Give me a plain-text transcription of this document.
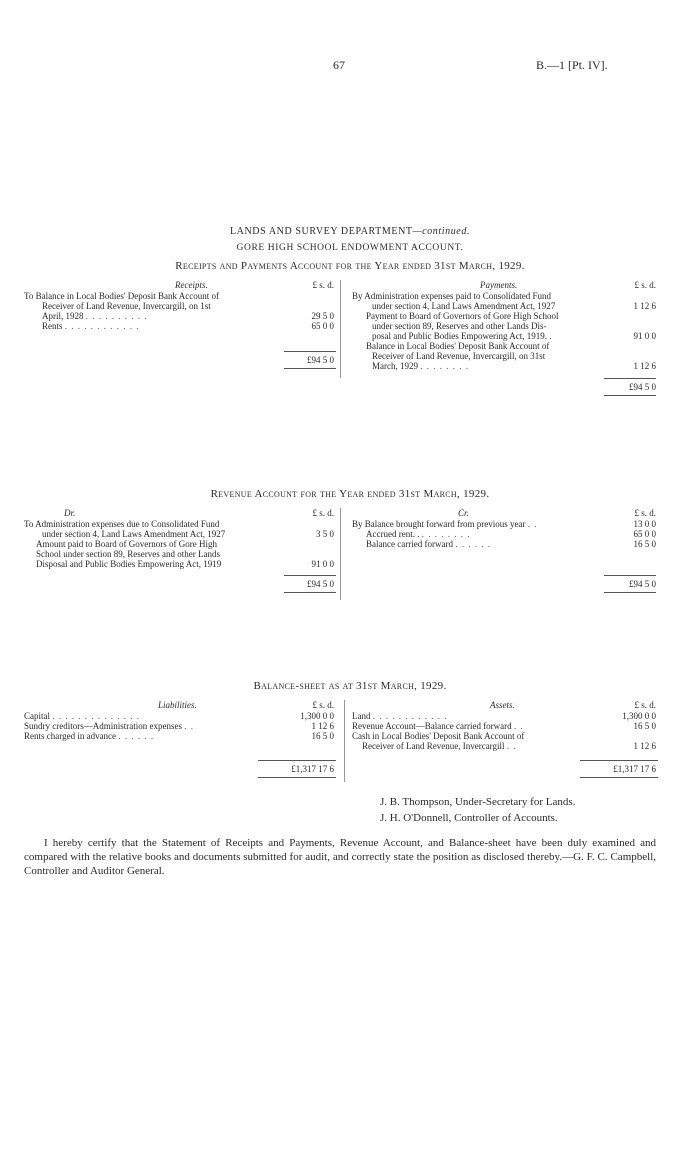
67	B.—1 [Pt. IV].
LANDS AND SURVEY DEPARTMENT—continued.
GORE HIGH SCHOOL ENDOWMENT ACCOUNT.
Receipts and Payments Account for the Year ended 31st March, 1929.
Receipts.	£ s. d.	Payments.	£ s. d.
To Balance in Local Bodies' Deposit Bank Account of
Receiver of Land Revenue, Invercargill, on 1st
April, 1928 . . . . . . . . . .	29 5 0
Rents . . . . . . . . . . . .	65 0 0
£94 5 0
By Administration expenses paid to Consolidated Fund
under section 4, Land Laws Amendment Act, 1927	1 12 6
Payment to Board of Governors of Gore High School
under section 89, Reserves and other Lands Dis-
posal and Public Bodies Empowering Act, 1919. .	91 0 0
Balance in Local Bodies' Deposit Bank Account of
Receiver of Land Revenue, Invercargill, on 31st
March, 1929 . . . . . . . .	1 12 6
£94 5 0
Revenue Account for the Year ended 31st March, 1929.
Dr.	£ s. d.	Cr.	£ s. d.
To Administration expenses due to Consolidated Fund
under section 4, Land Laws Amendment Act, 1927	3 5 0
Amount paid to Board of Governors of Gore High
School under section 89, Reserves and other Lands
Disposal and Public Bodies Empowering Act, 1919	91 0 0
£94 5 0
By Balance brought forward from previous year . .	13 0 0
Accrued rent. . . . . . . . . .	65 0 0
Balance carried forward . . . . . .	16 5 0
£94 5 0
Balance-sheet as at 31st March, 1929.
Liabilities.	£ s. d.	Assets.	£ s. d.
Capital . . . . . . . . . . . . . .	1,300 0 0
Sundry creditors—Administration expenses . .	1 12 6
Rents charged in advance . . . . . .	16 5 0
£1,317 17 6
Land . . . . . . . . . . . .	1,300 0 0
Revenue Account—Balance carried forward . .	16 5 0
Cash in Local Bodies' Deposit Bank Account of
Receiver of Land Revenue, Invercargill . .	1 12 6
£1,317 17 6
J. B. Thompson, Under-Secretary for Lands.
J. H. O'Donnell, Controller of Accounts.
I hereby certify that the Statement of Receipts and Payments, Revenue Account, and Balance-sheet have been duly examined and compared with the relative books and documents submitted for audit, and correctly state the position as disclosed thereby.—G. F. C. Campbell, Controller and Auditor General.
